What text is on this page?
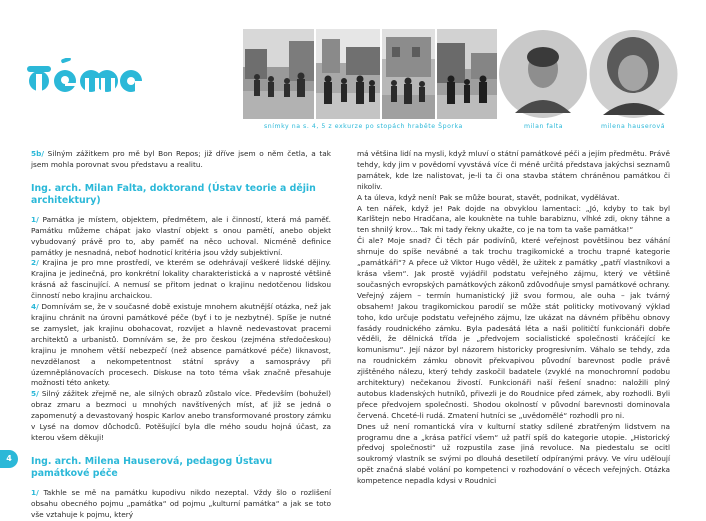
snímky na s. 4, 5 z exkurze po stopách hraběte Šporka	milan falta	milena hauserová

5b/ Silným zážitkem pro mě byl Bon Repos; již dříve jsem o něm četla, a tak jsem mohla porovnat svou představu a realitu.

Ing. arch. Milan Falta, doktorand (Ústav teorie a dějin architektury)

1/ Památka je místem, objektem, předmětem, ale i činností, která má paměť. Památku můžeme chápat jako vlastní objekt s onou pamětí, anebo objekt vybudovaný právě pro to, aby paměť na něco uchoval. Nicméně definice památky je nesnadná, neboť hodnoticí kritéria jsou vždy subjektivní.

2/ Krajina je pro mne prostředí, ve kterém se odehrávají veškeré lidské dějiny. Krajina je jedinečná, pro konkrétní lokality charakteristická a v naprosté většině krásná až fascinující. A nemusí se přitom jednat o krajinu nedotčenou lidskou činností nebo krajinu archaickou.

4/ Domnívám se, že v současné době existuje mnohem akutnější otázka, než jak krajinu chránit na úrovni památkové péče (byť i to je nezbytné). Spíše je nutné se zamyslet, jak krajinu obohacovat, rozvíjet a hlavně nedevastovat pracemi architektů a urbanistů. Domnívám se, že pro českou (zejména středočeskou) krajinu je mnohem větší nebezpečí (než absence památkové péče) liknavost, nevzdělanost a nekompetentnost státní správy a samosprávy při územněplánovacích procesech. Diskuse na toto téma však značně přesahuje možnosti této ankety.

5/ Silný zážitek zřejmě ne, ale silných obrazů zůstalo více. Především (bohužel) obraz zmaru a bezmoci u mnohých navštívených míst, ať již se jedná o zapomenutý a devastovaný hospic Karlov anebo transformované prostory zámku v Lysé na domov důchodců. Potěšující byla dle mého soudu hojná účast, za kterou všem děkuji!

Ing. arch. Milena Hauserová, pedagog Ústavu památkové péče

1/ Takhle se mě na památku kupodivu nikdo nezeptal. Vždy šlo o rozlišení obsahu obecného pojmu „památka“ od pojmu „kulturní památka“ a jak se toto vše vztahuje k pojmu, který

má většina lidí na mysli, když mluví o státní památkové péči a jejím předmětu. Právě tehdy, kdy jim v povědomí vyvstává více či méně určitá představa jakýchsi seznamů památek, kde lze nalistovat, je-li ta či ona stavba státem chráněnou památkou či nikoliv.

A ta úleva, když není! Pak se může bourat, stavět, podnikat, vydělávat.

A ten nářek, když je! Pak dojde na obvyklou lamentaci: „Jó, kdyby to tak byl Karlštejn nebo Hradčana, ale kouknète na tuhle barabiznu, vlhké zdi, okny táhne a ten shnilý krov... Tak mi tady řekny ukažte, co je na tom ta vaše památka!“

Či ale? Moje snad? Či těch pár podivínů, které veřejnost povětšinou bez váhání shrnuje do spíše nevábné a tak trochu tragikomické a trochu trapné kategorie „památkáři“? A přece už Viktor Hugo věděl, že užitek z památky „patří vlastníkovi a krása všem“. Jak prostě vyjádřil podstatu veřejného zájmu, který ve většině současných evropských památkových zákonů zdůvodňuje smysl památkové ochrany. Veřejný zájem – termín humanistický již svou formou, ale ouha – jak tvárný obsahem! Jakou tragikomickou parodií se může stát politicky motivovaný výklad toho, kdo určuje podstatu veřejného zájmu, lze ukázat na dávném příběhu obnovy fasády roudnického zámku. Byla padesátá léta a naši političtí funkcionáři dobře věděli, že dělnická třída je „předvojem socialistické společnosti kráčející ke komunismu“. Její názor byl názorem historicky progresivním. Váhalo se tehdy, zda na roudnickém zámku obnovit překvapivou původní barevnost podle právě zjištěného nálezu, který tehdy zaskočil badatele (zvyklé na monochromní podobu architektury) nečekanou živostí. Funkcionáři naší řešení snadno: naložili plný autobus kladenských hutníků, přivezli je do Roudnice před zámek, aby rozhodli. Byli přece předvojem společnosti. Shodou okolností v původní barevnosti dominovala červená. Chceté-li rudá. Zmatení hutníci se „uvědomělé“ rozhodli pro ni.

Dnes už není romantická víra v kulturní statky sdílené zbratřeným lidstvem na programu dne a „krása patřící všem“ už patří spíš do kategorie utopie. „Historický předvoj společnosti“ už rozpustila zase jiná revoluce. Na piedestalu se ocitl soukromý vlastník se svými po dlouhá desetiletí odpíranými právy. Ve víru uděloují opět značná slabé volání po kompetenci v rozhodování o věcech veřejných. Otázka kompetence nepadla kdysi v Roudnici

4
